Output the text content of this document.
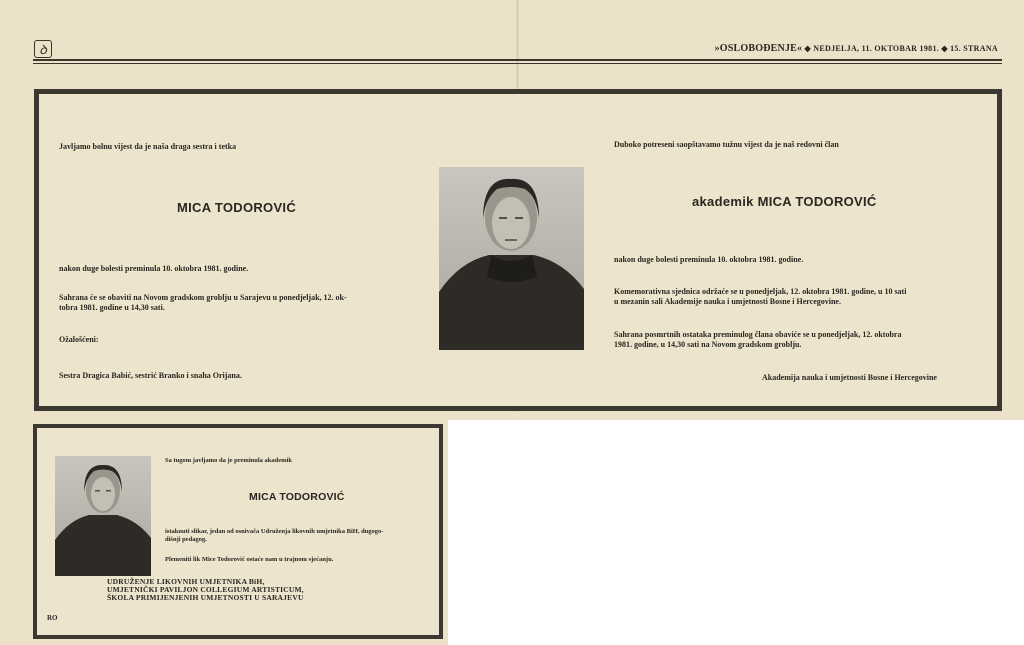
ꝺ	»OSLOBOĐENJE« ◆ NEDJELJA, 11. OKTOBAR 1981. ◆ 15. STRANA
Javljamo bolnu vijest da je naša draga sestra i tetka
MICA TODOROVIĆ
nakon duge bolesti preminula 10. oktobra 1981. godine.
Sahrana će se obaviti na Novom gradskom groblju u Sarajevu u ponedjeljak, 12. ok-
tobra 1981. godine u 14,30 sati.
Ožalošćeni:
Sestra Dragica Babić, sestrić Branko i snaha Orijana.
Duboko potreseni saopštavamo tužnu vijest da je naš redovni član
akademik MICA TODOROVIĆ
nakon duge bolesti preminula 10. oktobra 1981. godine.
Komemorativna sjednica održaće se u ponedjeljak, 12. oktobra 1981. godine, u 10 sati
u mezanin sali Akademije nauka i umjetnosti Bosne i Hercegovine.
Sahrana posmrtnih ostataka preminulog člana obaviće se u ponedjeljak, 12. oktobra
1981. godine, u 14,30 sati na Novom gradskom groblju.
Akademija nauka i umjetnosti Bosne i Hercegovine
Sa tugom javljamo da je preminula akademik
MICA TODOROVIĆ
istaknuti slikar, jedan od osnivača Udruženja likovnih umjetnika BiH, dugogo-
dišnji pedagog.
Plemeniti lik Mice Todorović ostaće nam u trajnom sjećanju.
UDRUŽENJE LIKOVNIH UMJETNIKA BiH,
UMJETNIČKI PAVILJON COLLEGIUM ARTISTICUM,
ŠKOLA PRIMIJENJENIH UMJETNOSTI U SARAJEVU
RO
